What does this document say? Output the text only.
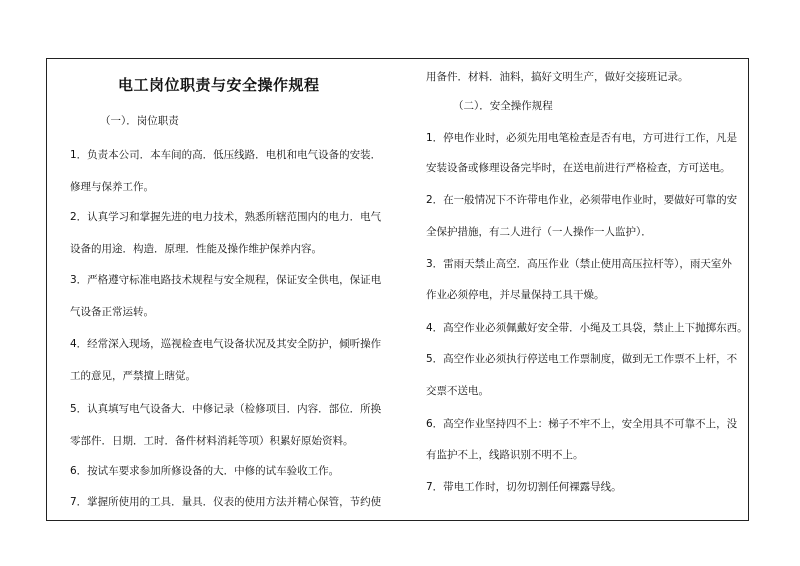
电工岗位职责与安全操作规程
（一）．岗位职责
1．负责本公司．本车间的高．低压线路．电机和电气设备的安装．
修理与保养工作。
2．认真学习和掌握先进的电力技术，熟悉所辖范围内的电力．电气
设备的用途．构造．原理．性能及操作维护保养内容。
3．严格遵守标准电路技术规程与安全规程，保证安全供电，保证电
气设备正常运转。
4．经常深入现场，巡视检查电气设备状况及其安全防护，倾听操作
工的意见，严禁擅上瞎觉。
5．认真填写电气设备大．中修记录（检修项目．内容．部位．所换
零部件．日期．工时．备件材料消耗等项）积累好原始资料。
6．按试车要求参加所修设备的大．中修的试车验收工作。
7．掌握所使用的工具．量具．仪表的使用方法并精心保管，节约使
用备件．材料．油料，搞好文明生产，做好交接班记录。
（二）．安全操作规程
1．停电作业时，必须先用电笔检查是否有电，方可进行工作，凡是
安装设备或修理设备完毕时，在送电前进行严格检查，方可送电。
2．在一般情况下不许带电作业，必须带电作业时，要做好可靠的安
全保护措施，有二人进行（一人操作一人监护）．
3．雷雨天禁止高空．高压作业（禁止使用高压拉杆等），雨天室外
作业必须停电，并尽量保持工具干燥。
4．高空作业必须佩戴好安全带．小绳及工具袋，禁止上下抛掷东西。
5．高空作业必须执行停送电工作票制度，做到无工作票不上杆，不
交票不送电。
6．高空作业坚持四不上：梯子不牢不上，安全用具不可靠不上，没
有监护不上，线路识别不明不上。
7．带电工作时，切勿切割任何裸露导线。
